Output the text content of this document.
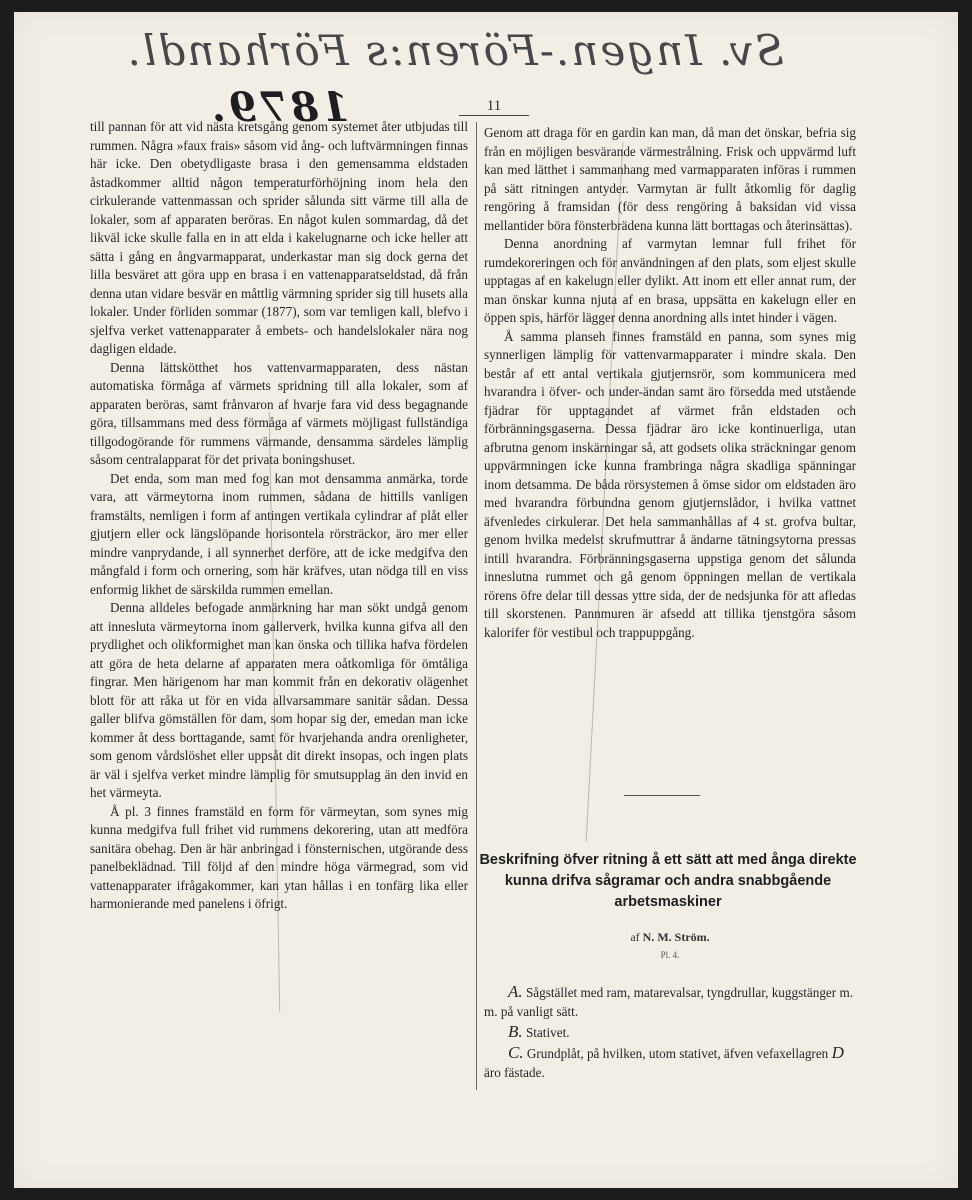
Sv. Ingen.-Fören:s Förhandl.
1879.	11

till pannan för att vid nästa kretsgång genom systemet åter utbjudas till rummen. Några »faux frais» såsom vid ång- och luftvärmningen finnas här icke. Den obetydligaste brasa i den gemensamma eldstaden åstadkommer alltid någon temperaturförhöjning inom hela den cirkulerande vattenmassan och sprider sålunda sitt värme till alla de lokaler, som af apparaten beröras. En något kulen sommardag, då det likväl icke skulle falla en in att elda i kakelugnarne och icke heller att sätta i gång en ångvarmapparat, underkastar man sig dock gerna det lilla besväret att göra upp en brasa i en vattenapparatseldstad, då från denna utan vidare besvär en måttlig värmning sprider sig till husets alla lokaler. Under förliden sommar (1877), som var temligen kall, blefvo i sjelfva verket vattenapparater å embets- och handelslokaler nära nog dagligen eldade.

Denna lättskötthet hos vattenvarmapparaten, dess nästan automatiska förmåga af värmets spridning till alla lokaler, som af apparaten beröras, samt frånvaron af hvarje fara vid dess begagnande göra, tillsammans med dess förmåga af värmets möjligast fullständiga tillgodogörande för rummens värmande, densamma särdeles lämplig såsom centralapparat för det privata boningshuset.

Det enda, som man med fog kan mot densamma anmärka, torde vara, att värmeytorna inom rummen, sådana de hittills vanligen framstälts, nemligen i form af antingen vertikala cylindrar af plåt eller gjutjern eller ock längslöpande horisontela rörsträckor, äro mer eller mindre vanprydande, i all synnerhet derföre, att de icke medgifva den mångfald i form och ornering, som här kräfves, utan nödga till en viss enformig likhet de särskilda rummen emellan.

Denna alldeles befogade anmärkning har man sökt undgå genom att innesluta värmeytorna inom gallerverk, hvilka kunna gifva all den prydlighet och olikformighet man kan önska och tillika hafva fördelen att göra de heta delarne af apparaten mera oåtkomliga för ömtåliga fingrar. Men härigenom har man kommit från en dekorativ olägenhet blott för att råka ut för en vida allvarsammare sanitär sådan. Dessa galler blifva gömställen för dam, som hopar sig der, emedan man icke kommer åt dess borttagande, samt för hvarjehanda andra orenligheter, som genom vårdslöshet eller uppsåt dit direkt insopas, och ingen plats är väl i sjelfva verket mindre lämplig för smutsupplag än den invid en het värmeyta.

Å pl. 3 finnes framstäld en form för värmeytan, som synes mig kunna medgifva full frihet vid rummens dekorering, utan att medföra sanitära obehag. Den är här anbringad i fönsternischen, utgörande dess panelbeklädnad. Till följd af den mindre höga värmegrad, som vid vattenapparater ifrågakommer, kan ytan hållas i en tonfärg lika eller harmonierande med panelens i öfrigt.

Genom att draga för en gardin kan man, då man det önskar, befria sig från en möjligen besvärande värmestrålning. Frisk och uppvärmd luft kan med lätthet i sammanhang med varmapparaten införas i rummen på sätt ritningen antyder. Varmytan är fullt åtkomlig för daglig rengöring å framsidan (för dess rengöring å baksidan vid vissa mellantider böra fönsterbrädena kunna lätt borttagas och återinsättas).

Denna anordning af varmytan lemnar full frihet för rumdekoreringen och för användningen af den plats, som eljest skulle upptagas af en kakelugn eller dylikt. Att inom ett eller annat rum, der man önskar kunna njuta af en brasa, uppsätta en kakelugn eller en öppen spis, härför lägger denna anordning alls intet hinder i vägen.

Å samma planseh finnes framstäld en panna, som synes mig synnerligen lämplig för vattenvarmapparater i mindre skala. Den består af ett antal vertikala gjutjernsrör, som kommunicera med hvarandra i öfver- och under-ändan samt äro försedda med utstående fjädrar för upptagandet af värmet från eldstaden och förbränningsgaserna. Dessa fjädrar äro icke kontinuerliga, utan afbrutna genom inskärningar så, att godsets olika sträckningar genom uppvärmningen icke kunna frambringa några skadliga spänningar inom detsamma. De båda rörsystemen å ömse sidor om eldstaden äro med hvarandra förbundna genom gjutjernslådor, i hvilka vattnet äfvenledes cirkulerar. Det hela sammanhållas af 4 st. grofva bultar, genom hvilka medelst skrufmuttrar å ändarne tätningsytorna pressas intill hvarandra. Förbränningsgaserna uppstiga genom det sålunda inneslutna rummet och gå genom öppningen mellan de vertikala rörens öfre delar till dessas yttre sida, der de nedsjunka för att afledas till skorstenen. Pannmuren är afsedd att tillika tjenstgöra såsom kalorifer för vestibul och trappuppgång.

Beskrifning öfver ritning å ett sätt att med ånga direkte kunna drifva sågramar och andra snabbgående arbetsmaskiner
af N. M. Ström.
Pl. 4.

A. Sågstället med ram, matarevalsar, tyngdrullar, kuggstänger m. m. på vanligt sätt.

B. Stativet.

C. Grundplåt, på hvilken, utom stativet, äfven vefaxellagren D äro fästade.
